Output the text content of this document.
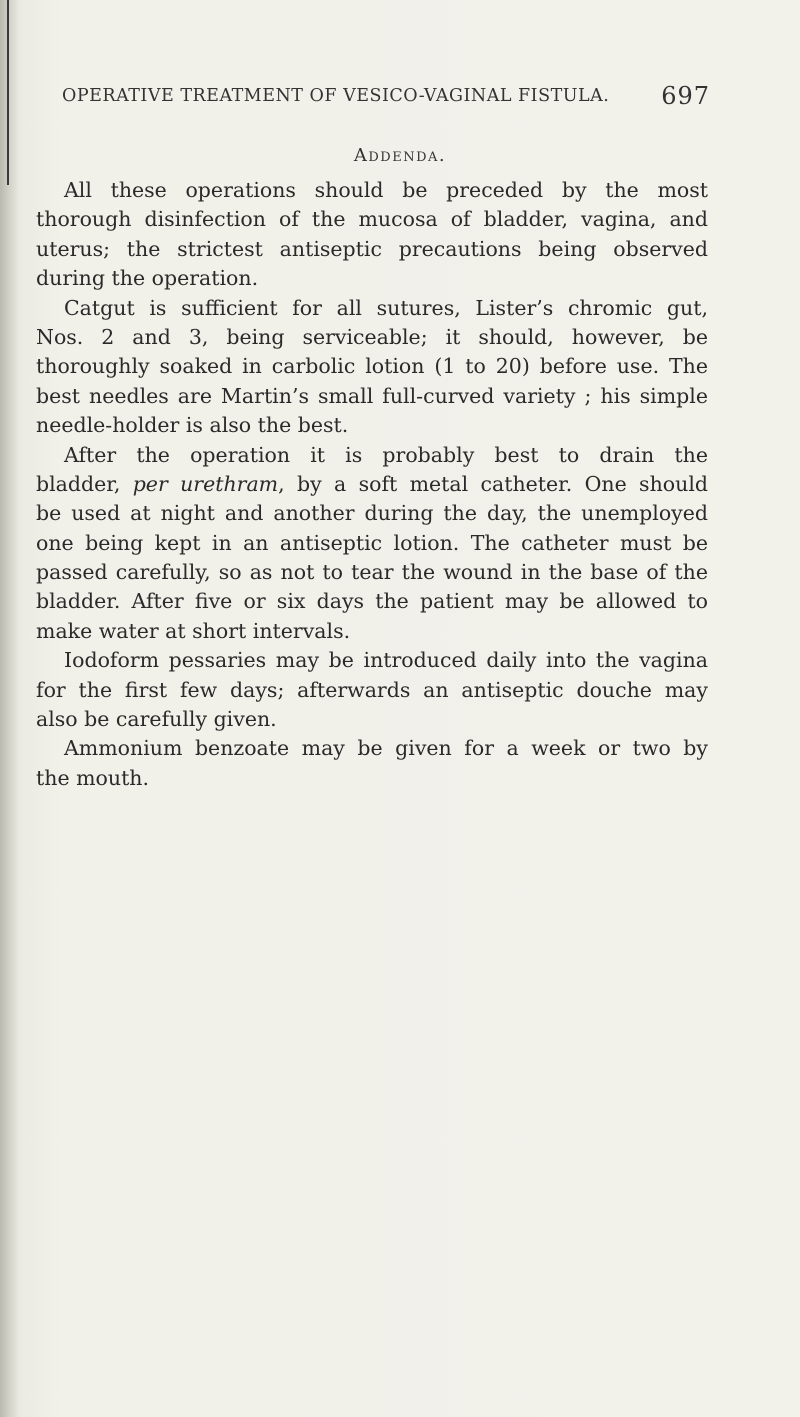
OPERATIVE TREATMENT OF VESICO-VAGINAL FISTULA. 697
Addenda.
All these operations should be preceded by the most
thorough disinfection of the mucosa of bladder, vagina, and
uterus; the strictest antiseptic precautions being observed
during the operation.
Catgut is sufficient for all sutures, Lister’s chromic gut,
Nos. 2 and 3, being serviceable; it should, however, be
thoroughly soaked in carbolic lotion (1 to 20) before use. The
best needles are Martin’s small full-curved variety ; his simple
needle-holder is also the best.
After the operation it is probably best to drain the
bladder, per urethram, by a soft metal catheter. One should
be used at night and another during the day, the unemployed
one being kept in an antiseptic lotion. The catheter must be
passed carefully, so as not to tear the wound in the base of the
bladder. After five or six days the patient may be allowed to
make water at short intervals.
Iodoform pessaries may be introduced daily into the vagina
for the first few days; afterwards an antiseptic douche may
also be carefully given.
Ammonium benzoate may be given for a week or two by
the mouth.
